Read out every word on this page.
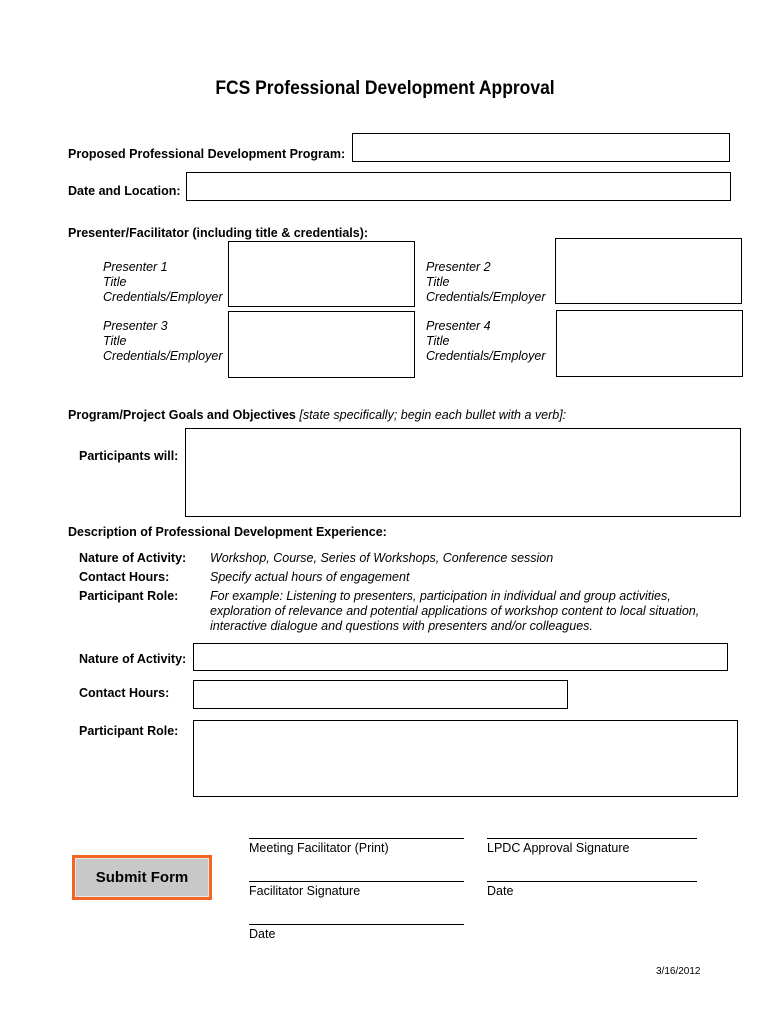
FCS Professional Development Approval
Proposed Professional Development Program:
Date and Location:
Presenter/Facilitator (including title & credentials):
Presenter 1
Title
Credentials/Employer
Presenter 2
Title
Credentials/Employer
Presenter 3
Title
Credentials/Employer
Presenter 4
Title
Credentials/Employer
Program/Project Goals and Objectives [state specifically; begin each bullet with a verb]:
Participants will:
Description of Professional Development Experience:
Nature of Activity: Workshop, Course, Series of Workshops, Conference session
Contact Hours:	Specify actual hours of engagement
Participant Role:	For example: Listening to presenters, participation in individual and group activities,
exploration of relevance and potential applications of workshop content to local situation,
interactive dialogue and questions with presenters and/or colleagues.
Nature of Activity:
Contact Hours:
Participant Role:
Meeting Facilitator (Print)	LPDC Approval Signature
Facilitator Signature	Date
Date
Submit Form
3/16/2012
